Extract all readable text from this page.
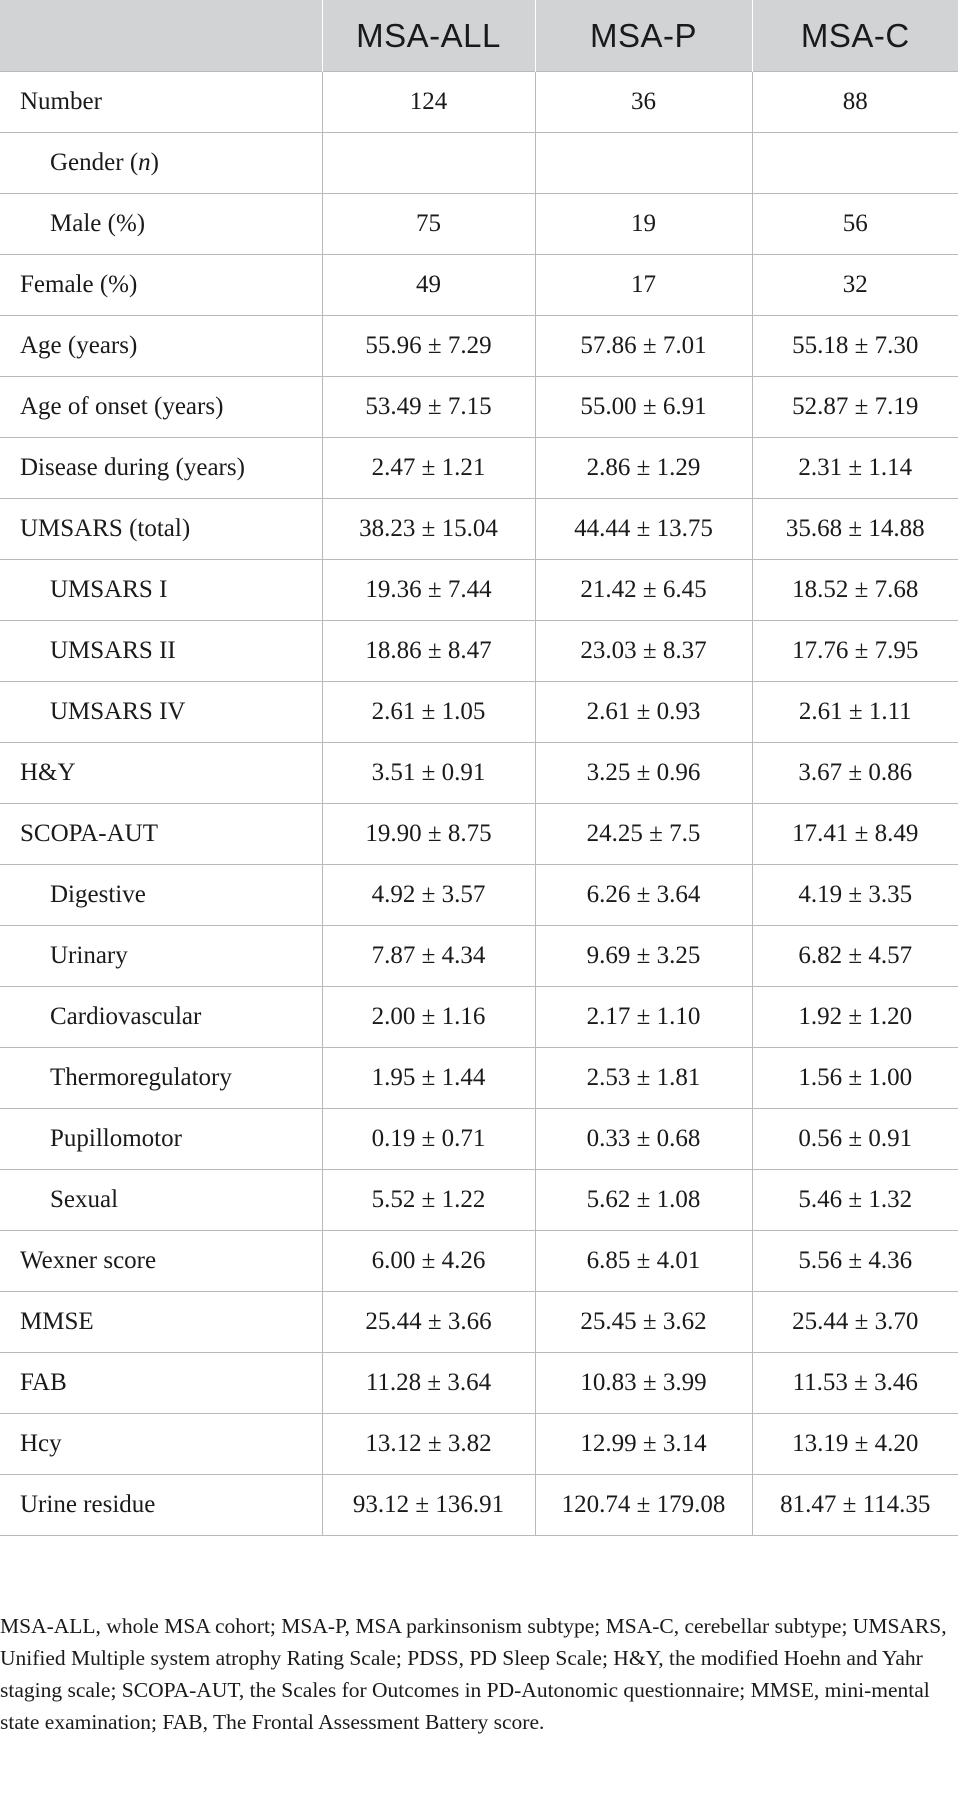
	MSA-ALL	MSA-P	MSA-C
Number	124	36	88
Gender (n)			
Male (%)	75	19	56
Female (%)	49	17	32
Age (years)	55.96 ± 7.29	57.86 ± 7.01	55.18 ± 7.30
Age of onset (years)	53.49 ± 7.15	55.00 ± 6.91	52.87 ± 7.19
Disease during (years)	2.47 ± 1.21	2.86 ± 1.29	2.31 ± 1.14
UMSARS (total)	38.23 ± 15.04	44.44 ± 13.75	35.68 ± 14.88
UMSARS I	19.36 ± 7.44	21.42 ± 6.45	18.52 ± 7.68
UMSARS II	18.86 ± 8.47	23.03 ± 8.37	17.76 ± 7.95
UMSARS IV	2.61 ± 1.05	2.61 ± 0.93	2.61 ± 1.11
H&Y	3.51 ± 0.91	3.25 ± 0.96	3.67 ± 0.86
SCOPA-AUT	19.90 ± 8.75	24.25 ± 7.5	17.41 ± 8.49
Digestive	4.92 ± 3.57	6.26 ± 3.64	4.19 ± 3.35
Urinary	7.87 ± 4.34	9.69 ± 3.25	6.82 ± 4.57
Cardiovascular	2.00 ± 1.16	2.17 ± 1.10	1.92 ± 1.20
Thermoregulatory	1.95 ± 1.44	2.53 ± 1.81	1.56 ± 1.00
Pupillomotor	0.19 ± 0.71	0.33 ± 0.68	0.56 ± 0.91
Sexual	5.52 ± 1.22	5.62 ± 1.08	5.46 ± 1.32
Wexner score	6.00 ± 4.26	6.85 ± 4.01	5.56 ± 4.36
MMSE	25.44 ± 3.66	25.45 ± 3.62	25.44 ± 3.70
FAB	11.28 ± 3.64	10.83 ± 3.99	11.53 ± 3.46
Hcy	13.12 ± 3.82	12.99 ± 3.14	13.19 ± 4.20
Urine residue	93.12 ± 136.91	120.74 ± 179.08	81.47 ± 114.35

MSA-ALL, whole MSA cohort; MSA-P, MSA parkinsonism subtype; MSA-C, cerebellar subtype; UMSARS, Unified Multiple system atrophy Rating Scale; PDSS, PD Sleep Scale; H&Y, the modified Hoehn and Yahr staging scale; SCOPA-AUT, the Scales for Outcomes in PD-Autonomic questionnaire; MMSE, mini-mental state examination; FAB, The Frontal Assessment Battery score.
